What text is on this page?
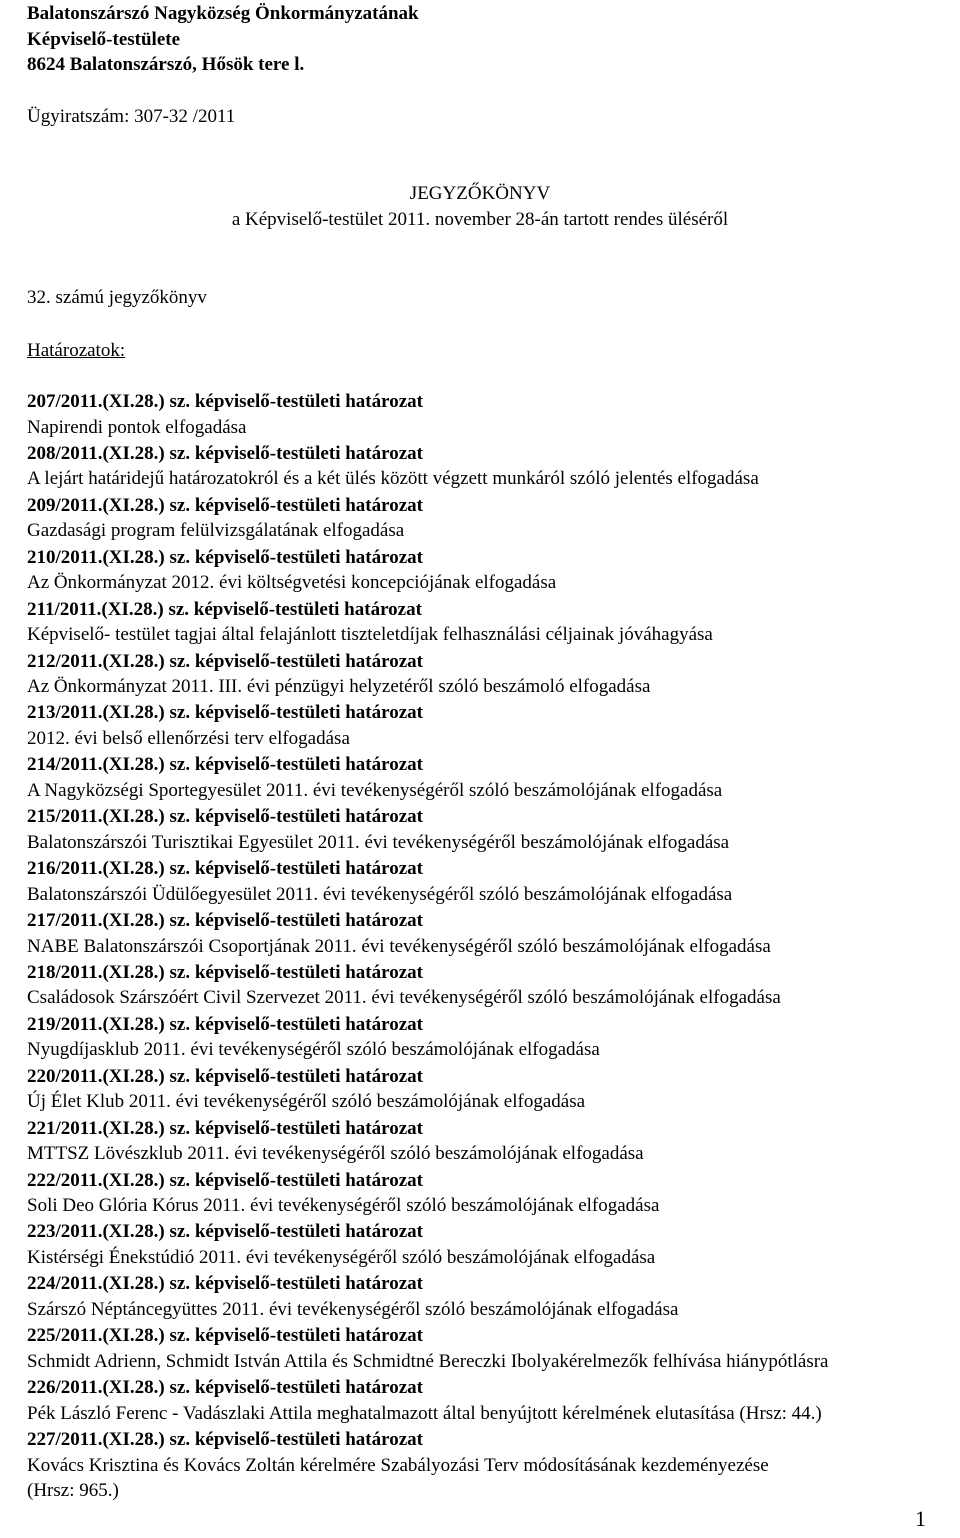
Balatonszárszó Nagyközség Önkormányzatának
Képviselő-testülete
8624 Balatonszárszó, Hősök tere l.
Ügyiratszám: 307-32 /2011
JEGYZŐKÖNYV
a Képviselő-testület 2011. november 28-án tartott rendes üléséről
32. számú jegyzőkönyv
Határozatok:
207/2011.(XI.28.) sz. képviselő-testületi határozat
Napirendi pontok elfogadása
208/2011.(XI.28.) sz. képviselő-testületi határozat
A lejárt határidejű határozatokról és a két ülés között végzett munkáról szóló jelentés elfogadása
209/2011.(XI.28.) sz. képviselő-testületi határozat
Gazdasági program felülvizsgálatának elfogadása
210/2011.(XI.28.) sz. képviselő-testületi határozat
Az Önkormányzat 2012. évi költségvetési koncepciójának elfogadása
211/2011.(XI.28.) sz. képviselő-testületi határozat
Képviselő- testület tagjai által felajánlott tiszteletdíjak felhasználási céljainak jóváhagyása
212/2011.(XI.28.) sz. képviselő-testületi határozat
Az Önkormányzat 2011. III. évi pénzügyi helyzetéről szóló beszámoló elfogadása
213/2011.(XI.28.) sz. képviselő-testületi határozat
2012. évi belső ellenőrzési terv elfogadása
214/2011.(XI.28.) sz. képviselő-testületi határozat
A Nagyközségi Sportegyesület 2011. évi tevékenységéről szóló beszámolójának elfogadása
215/2011.(XI.28.) sz. képviselő-testületi határozat
Balatonszárszói Turisztikai Egyesület 2011. évi tevékenységéről beszámolójának elfogadása
216/2011.(XI.28.) sz. képviselő-testületi határozat
Balatonszárszói Üdülőegyesület 2011. évi tevékenységéről szóló beszámolójának elfogadása
217/2011.(XI.28.) sz. képviselő-testületi határozat
NABE Balatonszárszói Csoportjának 2011. évi tevékenységéről szóló beszámolójának elfogadása
218/2011.(XI.28.) sz. képviselő-testületi határozat
Családosok Szárszóért Civil Szervezet 2011. évi tevékenységéről szóló beszámolójának elfogadása
219/2011.(XI.28.) sz. képviselő-testületi határozat
Nyugdíjasklub 2011. évi tevékenységéről szóló beszámolójának elfogadása
220/2011.(XI.28.) sz. képviselő-testületi határozat
Új Élet Klub 2011. évi tevékenységéről szóló beszámolójának elfogadása
221/2011.(XI.28.) sz. képviselő-testületi határozat
MTTSZ Lövészklub 2011. évi tevékenységéről szóló beszámolójának elfogadása
222/2011.(XI.28.) sz. képviselő-testületi határozat
Soli Deo Glória Kórus 2011. évi tevékenységéről szóló beszámolójának elfogadása
223/2011.(XI.28.) sz. képviselő-testületi határozat
Kistérségi Énekstúdió 2011. évi tevékenységéről szóló beszámolójának elfogadása
224/2011.(XI.28.) sz. képviselő-testületi határozat
Szárszó Néptáncegyüttes 2011. évi tevékenységéről szóló beszámolójának elfogadása
225/2011.(XI.28.) sz. képviselő-testületi határozat
Schmidt Adrienn, Schmidt István Attila és Schmidtné Bereczki Ibolyakérelmezők felhívása hiánypótlásra
226/2011.(XI.28.) sz. képviselő-testületi határozat
Pék László Ferenc - Vadászlaki Attila meghatalmazott által benyújtott kérelmének elutasítása (Hrsz: 44.)
227/2011.(XI.28.) sz. képviselő-testületi határozat
Kovács Krisztina és Kovács Zoltán kérelmére Szabályozási Terv módosításának kezdeményezése
(Hrsz: 965.)
1
